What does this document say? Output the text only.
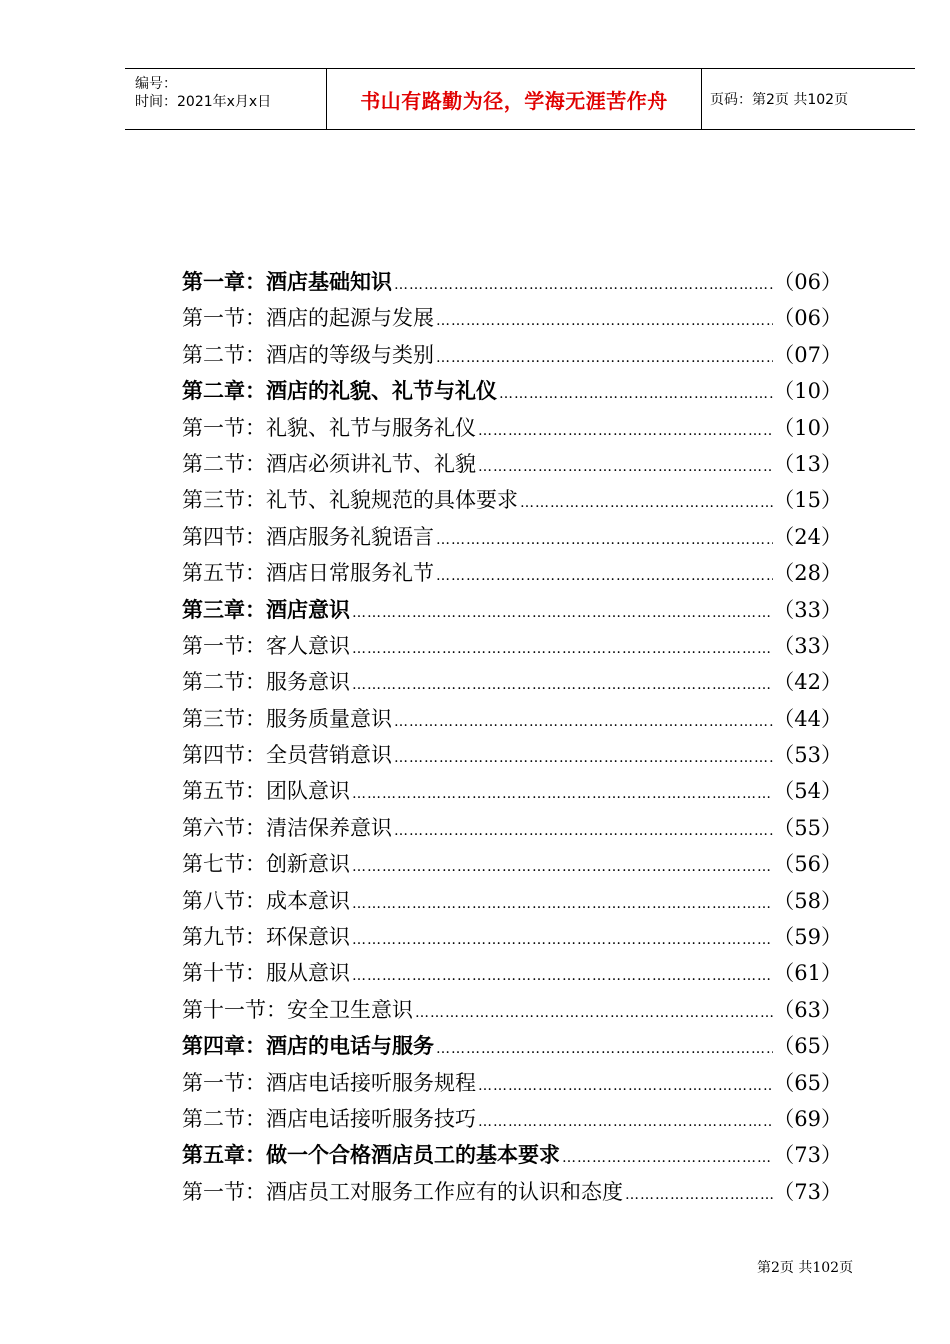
编号：
时间：2021年x月x日	书山有路勤为径，学海无涯苦作舟	页码：第2页 共102页
第一章：酒店基础知识 …………………………………………………………………………………………………………………………	（06）
第一节：酒店的起源与发展 …………………………………………………………………………………………………………………………	（06）
第二节：酒店的等级与类别 …………………………………………………………………………………………………………………………	（07）
第二章：酒店的礼貌、礼节与礼仪 …………………………………………………………………………………………………………………………	（10）
第一节：礼貌、礼节与服务礼仪 …………………………………………………………………………………………………………………………	（10）
第二节：酒店必须讲礼节、礼貌 …………………………………………………………………………………………………………………………	（13）
第三节：礼节、礼貌规范的具体要求 …………………………………………………………………………………………………………………………	（15）
第四节：酒店服务礼貌语言 …………………………………………………………………………………………………………………………	（24）
第五节：酒店日常服务礼节 …………………………………………………………………………………………………………………………	（28）
第三章：酒店意识 …………………………………………………………………………………………………………………………	（33）
第一节：客人意识 …………………………………………………………………………………………………………………………	（33）
第二节：服务意识 …………………………………………………………………………………………………………………………	（42）
第三节：服务质量意识 …………………………………………………………………………………………………………………………	（44）
第四节：全员营销意识 …………………………………………………………………………………………………………………………	（53）
第五节：团队意识 …………………………………………………………………………………………………………………………	（54）
第六节：清洁保养意识 …………………………………………………………………………………………………………………………	（55）
第七节：创新意识 …………………………………………………………………………………………………………………………	（56）
第八节：成本意识 …………………………………………………………………………………………………………………………	（58）
第九节：环保意识 …………………………………………………………………………………………………………………………	（59）
第十节：服从意识 …………………………………………………………………………………………………………………………	（61）
第十一节：安全卫生意识 …………………………………………………………………………………………………………………………	（63）
第四章：酒店的电话与服务 …………………………………………………………………………………………………………………………	（65）
第一节：酒店电话接听服务规程 …………………………………………………………………………………………………………………………	（65）
第二节：酒店电话接听服务技巧 …………………………………………………………………………………………………………………………	（69）
第五章：做一个合格酒店员工的基本要求 …………………………………………………………………………………………………………………………	（73）
第一节：酒店员工对服务工作应有的认识和态度 …………………………………………………………………………………………………………………………	（73）
第2页 共102页
